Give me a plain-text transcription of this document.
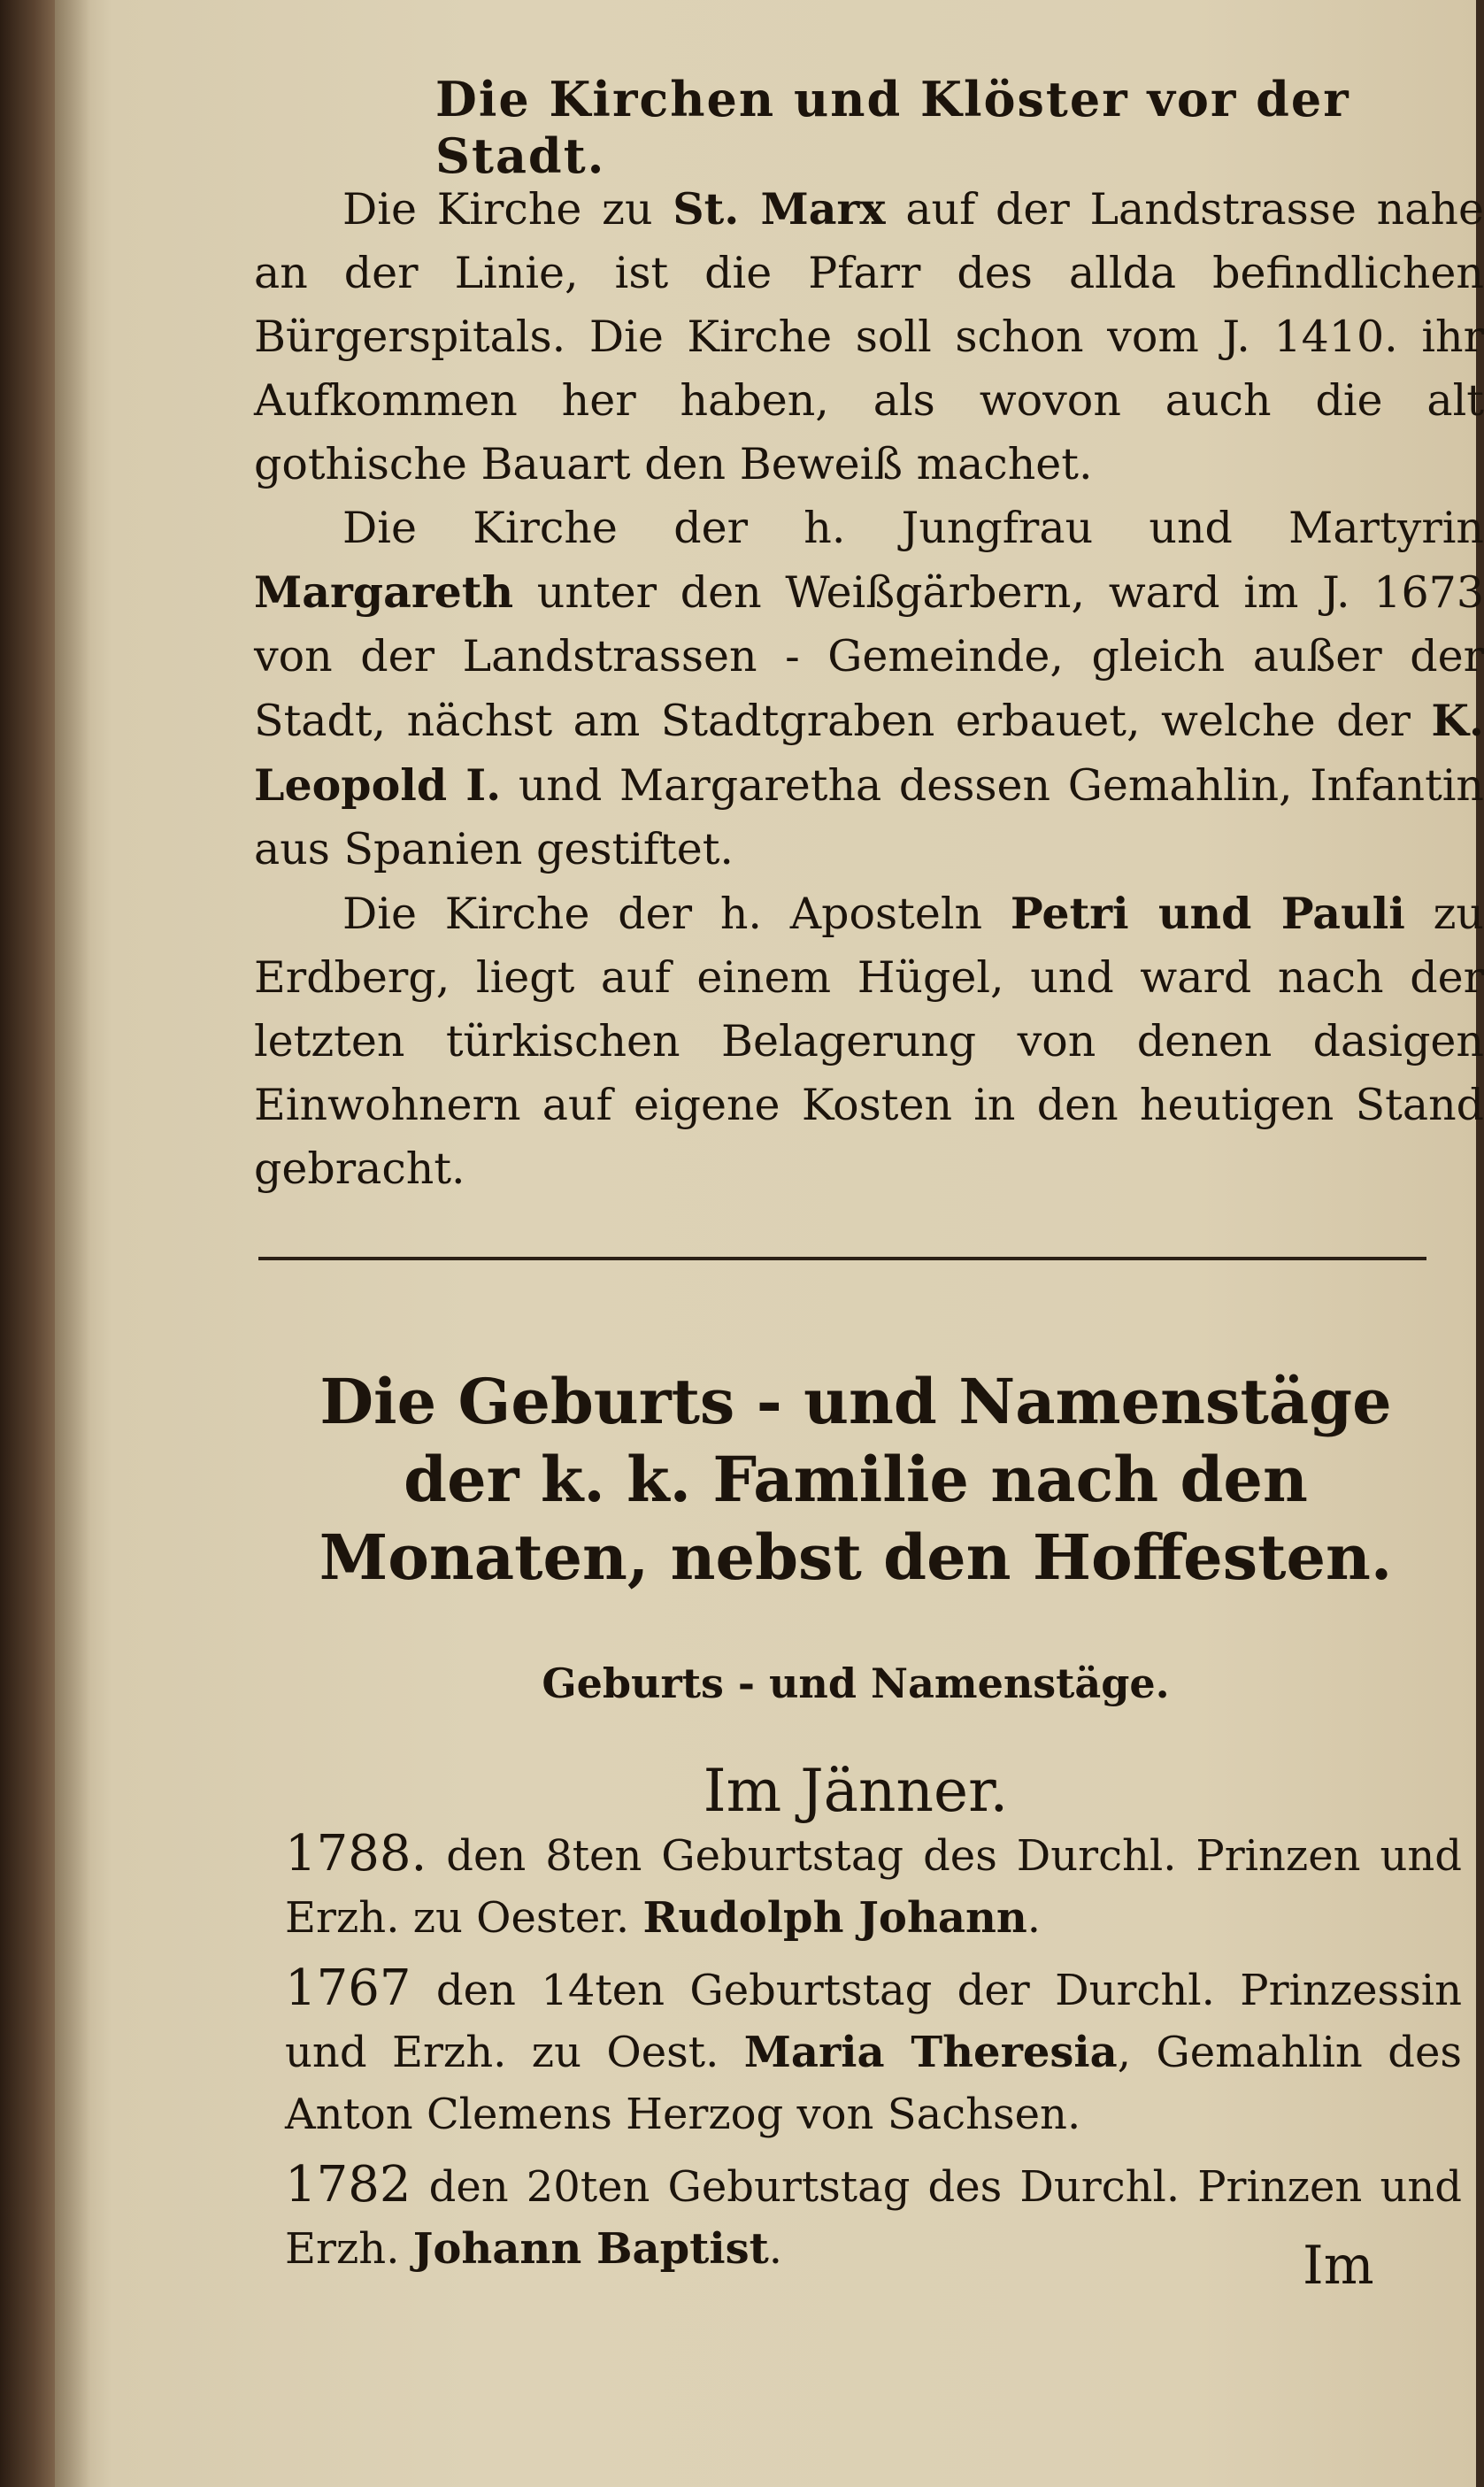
Die Kirchen und Klöster vor der Stadt.

Die Kirche zu St. Marx auf der Landstrasse nahe an der Linie, ist die Pfarr des allda befindlichen Bürgerspitals. Die Kirche soll schon vom J. 1410. ihr Aufkommen her haben, als wovon auch die alt gothische Bauart den Beweiß machet.

Die Kirche der h. Jungfrau und Martyrin Margareth unter den Weißgärbern, ward im J. 1673 von der Landstrassen - Gemeinde, gleich außer der Stadt, nächst am Stadtgraben erbauet, welche der K. Leopold I. und Margaretha dessen Gemahlin, Infantin aus Spanien gestiftet.

Die Kirche der h. Aposteln Petri und Pauli zu Erdberg, liegt auf einem Hügel, und ward nach der letzten türkischen Belagerung von denen dasigen Einwohnern auf eigene Kosten in den heutigen Stand gebracht.

Die Geburts - und Namenstäge der k. k. Familie nach den Monaten, nebst den Hoffesten.
Geburts - und Namenstäge.
Im Jänner.

1788. den 8ten Geburtstag des Durchl. Prinzen und Erzh. zu Oester. Rudolph Johann.

1767 den 14ten Geburtstag der Durchl. Prinzessin und Erzh. zu Oest. Maria Theresia, Gemahlin des Anton Clemens Herzog von Sachsen.

1782 den 20ten Geburtstag des Durchl. Prinzen und Erzh. Johann Baptist.	Im
